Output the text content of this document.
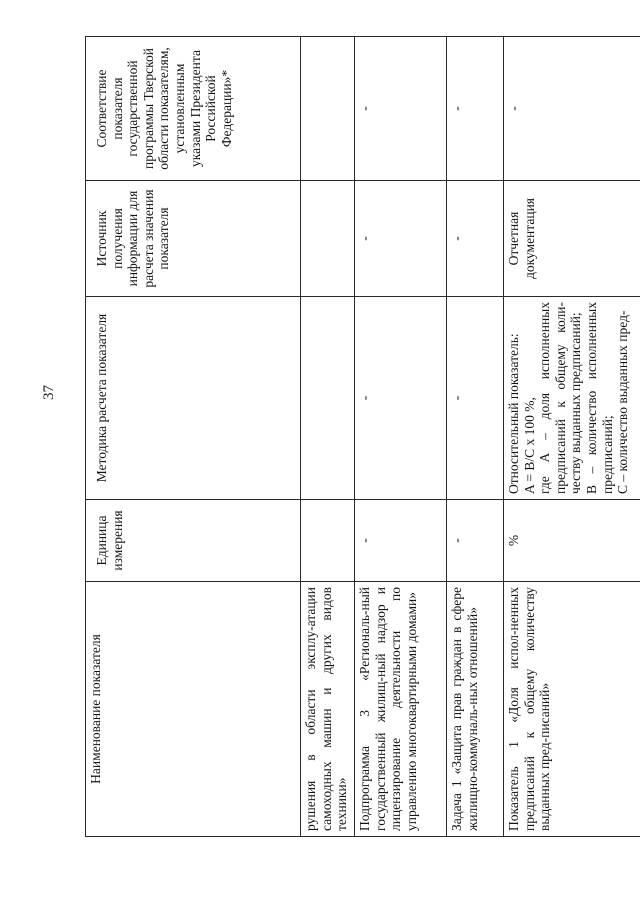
37
Наименование показателя	Единица измерения	Методика расчета показателя	Источник получения информации для расчета значения показателя	Соответствие показателя государственной программы Тверской области показателям, установленным указами Президента Российской Федерации»*
рушения в области эксплу-атации самоходных машин и других видов техники»				
Подпрограмма 3 «Региональ-ный государственный жилищ-ный надзор и лицензирование деятельности по управлению многоквартирными домами»	-	-	-	-
Задача 1 «Защита прав граждан в сфере жилищно-коммуналь-ных отношений»	-	-	-	-
Показатель 1 «Доля испол-ненных предписаний к общему количеству выданных пред-писаний»	%	Относительный показатель: A = B/C x 100 %, где A – доля исполненных предписаний к общему коли-честву выданных предписаний; B – количество исполненных предписаний; C – количество выданных пред-	Отчетная документация	-
